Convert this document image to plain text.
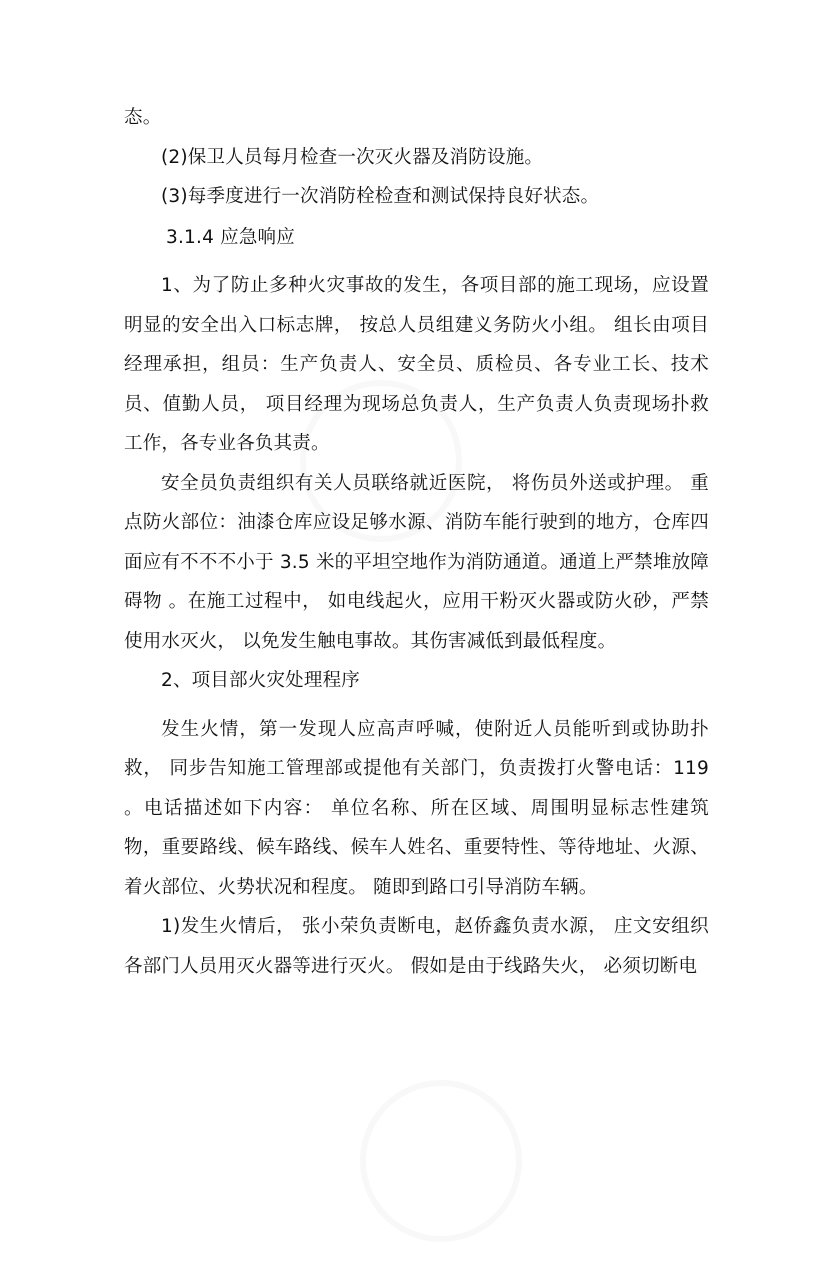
态。

(2)保卫人员每月检查一次灭火器及消防设施。

(3)每季度进行一次消防栓检查和测试保持良好状态。

3.1.4 应急响应

1、为了防止多种火灾事故的发生，各项目部的施工现场，应设置明显的安全出入口标志牌， 按总人员组建义务防火小组。 组长由项目经理承担，组员：生产负责人、安全员、质检员、各专业工长、技术员、值勤人员， 项目经理为现场总负责人，生产负责人负责现场扑救工作，各专业各负其责。

安全员负责组织有关人员联络就近医院， 将伤员外送或护理。 重点防火部位：油漆仓库应设足够水源、消防车能行驶到的地方，仓库四面应有不不不小于 3.5 米的平坦空地作为消防通道。通道上严禁堆放障碍物 。在施工过程中， 如电线起火，应用干粉灭火器或防火砂，严禁使用水灭火， 以免发生触电事故。其伤害减低到最低程度。

2、项目部火灾处理程序

发生火情，第一发现人应高声呼喊，使附近人员能听到或协助扑救， 同步告知施工管理部或提他有关部门，负责拨打火警电话：119 。电话描述如下内容： 单位名称、所在区域、周围明显标志性建筑物，重要路线、候车路线、候车人姓名、重要特性、等待地址、火源、 着火部位、火势状况和程度。 随即到路口引导消防车辆。

1)发生火情后， 张小荣负责断电，赵侨鑫负责水源， 庄文安组织各部门人员用灭火器等进行灭火。 假如是由于线路失火， 必须切断电
